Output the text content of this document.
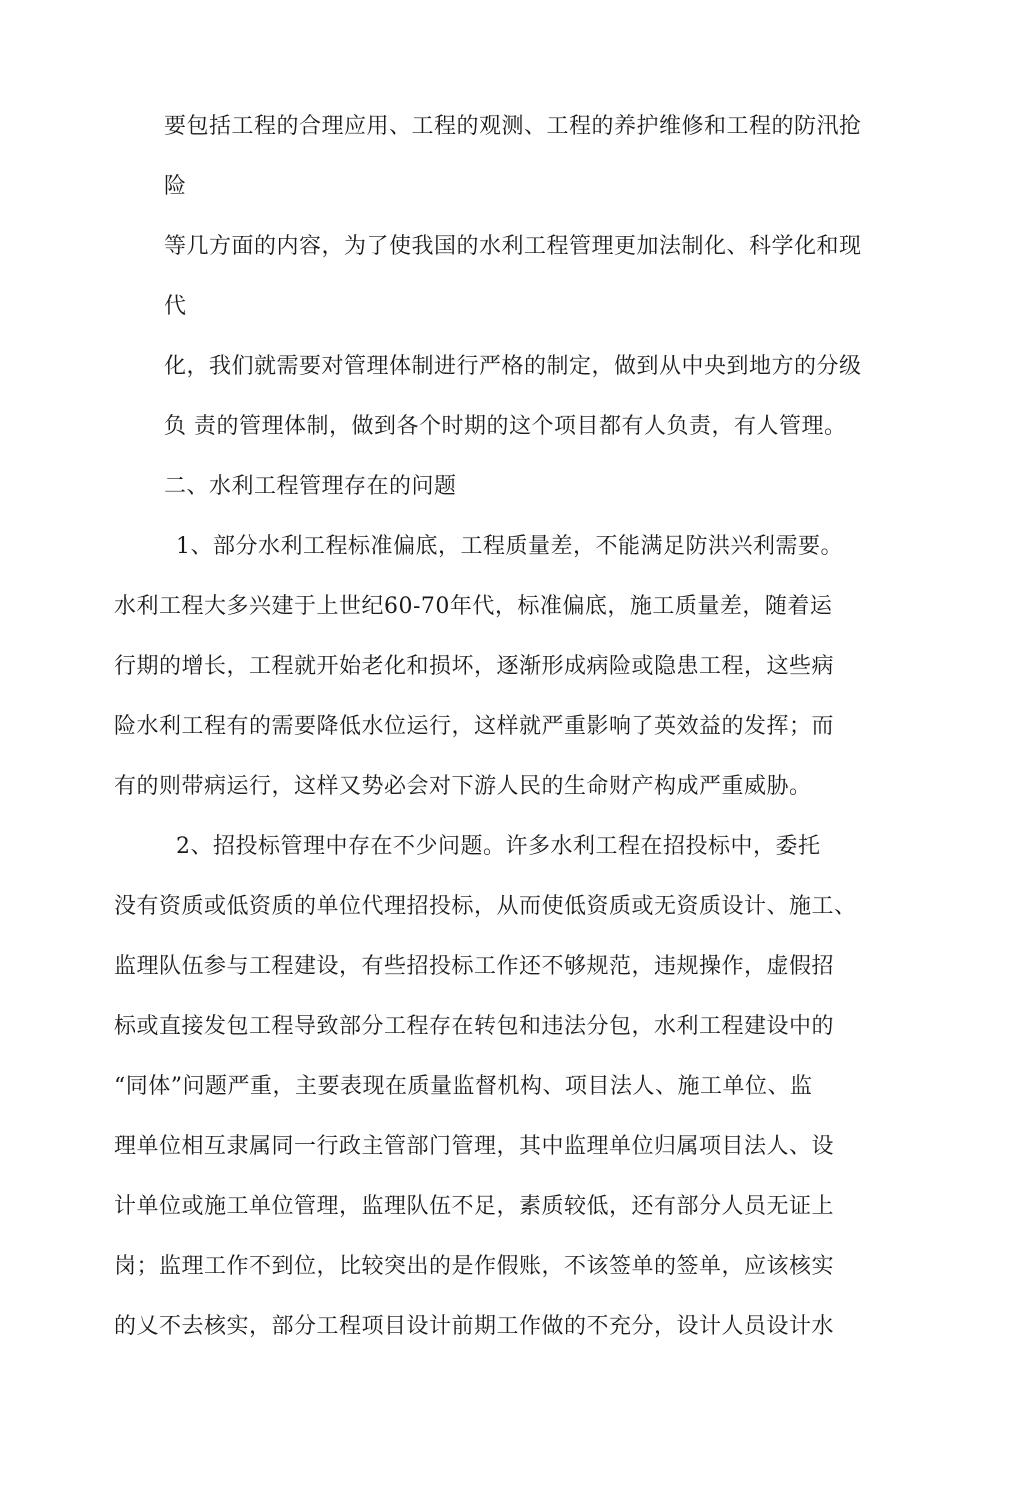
要包括工程的合理应用、工程的观测、工程的养护维修和工程的防汛抢
险
等几方面的内容，为了使我国的水利工程管理更加法制化、科学化和现
代
化，我们就需要对管理体制进行严格的制定，做到从中央到地方的分级
负 责的管理体制，做到各个时期的这个项目都有人负责，有人管理。
二、水利工程管理存在的问题
1、部分水利工程标准偏底，工程质量差，不能满足防洪兴利需要。
水利工程大多兴建于上世纪60-70年代，标准偏底，施工质量差，随着运
行期的增长，工程就开始老化和损坏，逐渐形成病险或隐患工程，这些病
险水利工程有的需要降低水位运行，这样就严重影响了英效益的发挥；而
有的则带病运行，这样又势必会对下游人民的生命财产构成严重威胁。
2、招投标管理中存在不少问题。许多水利工程在招投标中，委托
没有资质或低资质的单位代理招投标，从而使低资质或无资质设计、施工、
监理队伍参与工程建设，有些招投标工作还不够规范，违规操作，虚假招
标或直接发包工程导致部分工程存在转包和违法分包，水利工程建设中的
“同体”问题严重，主要表现在质量监督机构、项目法人、施工单位、监
理单位相互隶属同一行政主管部门管理，其中监理单位归属项目法人、设
计单位或施工单位管理，监理队伍不足，素质较低，还有部分人员无证上
岗；监理工作不到位，比较突出的是作假账，不该签单的签单，应该核实
的乂不去核实，部分工程项目设计前期工作做的不充分，设计人员设计水
